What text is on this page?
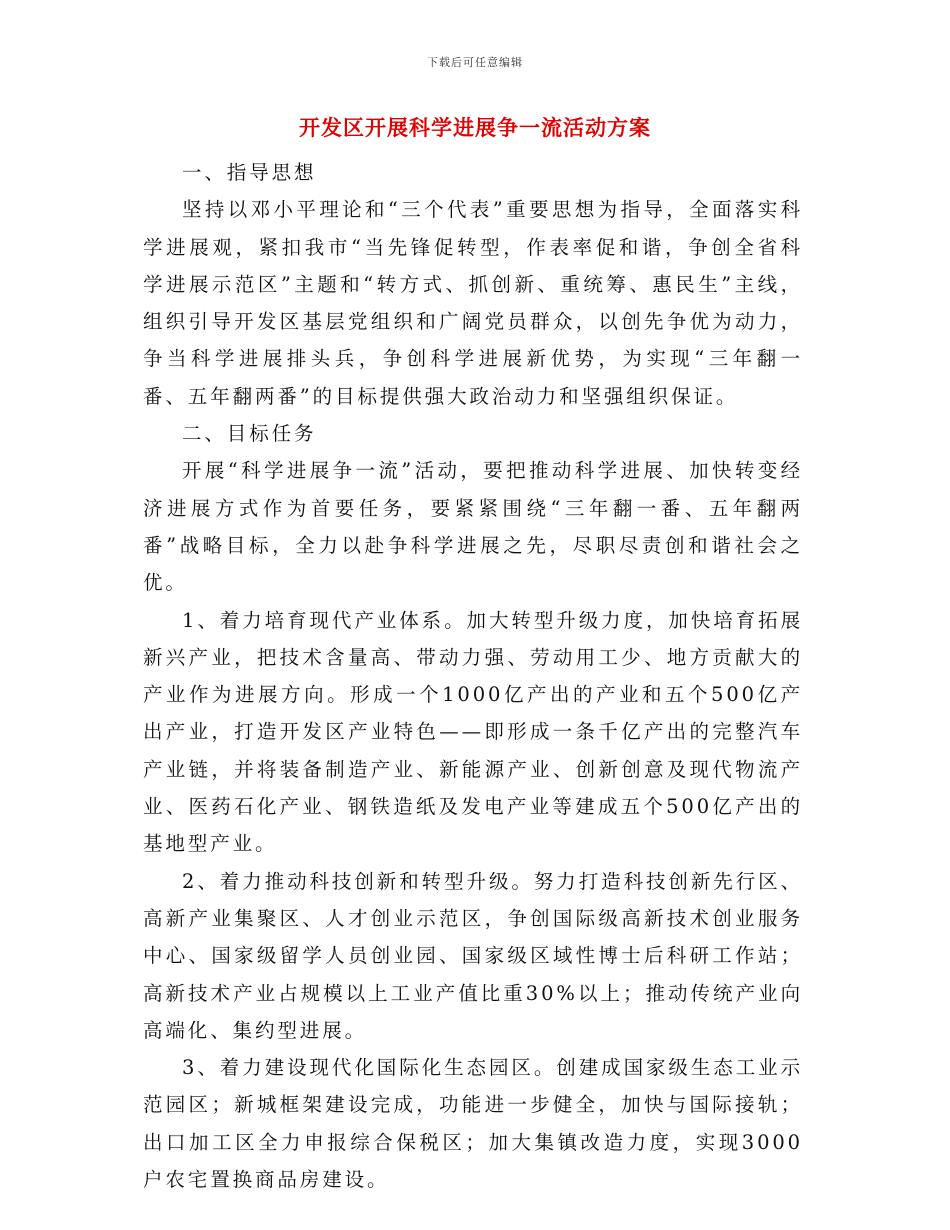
下载后可任意编辑
开发区开展科学进展争一流活动方案

一、指导思想

坚持以邓小平理论和“三个代表”重要思想为指导，全面落实科学进展观，紧扣我市“当先锋促转型，作表率促和谐，争创全省科学进展示范区”主题和“转方式、抓创新、重统筹、惠民生”主线，组织引导开发区基层党组织和广阔党员群众，以创先争优为动力，争当科学进展排头兵，争创科学进展新优势，为实现“三年翻一番、五年翻两番”的目标提供强大政治动力和坚强组织保证。

二、目标任务

开展“科学进展争一流”活动，要把推动科学进展、加快转变经济进展方式作为首要任务，要紧紧围绕“三年翻一番、五年翻两番”战略目标，全力以赴争科学进展之先，尽职尽责创和谐社会之优。

1、着力培育现代产业体系。加大转型升级力度，加快培育拓展新兴产业，把技术含量高、带动力强、劳动用工少、地方贡献大的产业作为进展方向。形成一个1000亿产出的产业和五个500亿产出产业，打造开发区产业特色——即形成一条千亿产出的完整汽车产业链，并将装备制造产业、新能源产业、创新创意及现代物流产业、医药石化产业、钢铁造纸及发电产业等建成五个500亿产出的基地型产业。

2、着力推动科技创新和转型升级。努力打造科技创新先行区、高新产业集聚区、人才创业示范区，争创国际级高新技术创业服务中心、国家级留学人员创业园、国家级区域性博士后科研工作站；高新技术产业占规模以上工业产值比重30%以上；推动传统产业向高端化、集约型进展。

3、着力建设现代化国际化生态园区。创建成国家级生态工业示范园区；新城框架建设完成，功能进一步健全，加快与国际接轨；出口加工区全力申报综合保税区；加大集镇改造力度，实现3000户农宅置换商品房建设。
